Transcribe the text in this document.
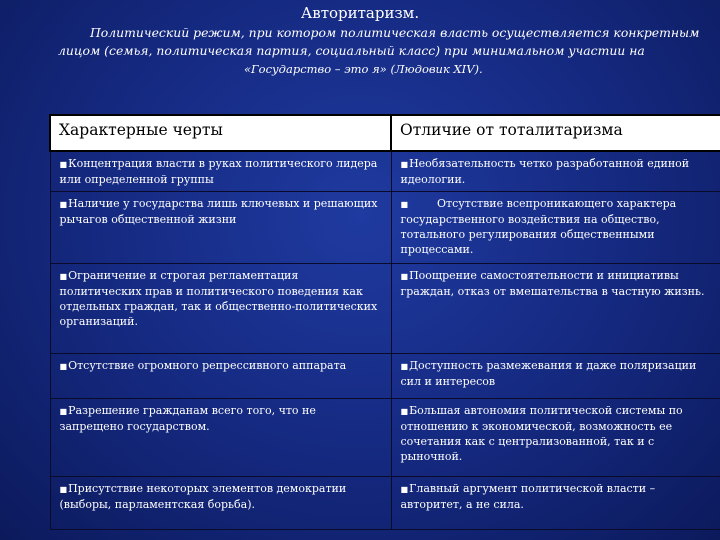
Авторитаризм.
Политический режим, при котором политическая власть осуществляется конкретным
лицом (семья, политическая партия, социальный класс) при минимальном участии на
«Государство – это я» (Людовик XIV).
Характерные черты	Отличие от тоталитаризма
■Концентрация власти в руках политического лидера или определенной группы	■Необязательность четко разработанной единой идеологии.
■Наличие у государства лишь ключевых и решающих рычагов общественной жизни	■        Отсутствие всепроникающего характера государственного воздействия на общество, тотального регулирования общественными процессами.
■Ограничение и строгая регламентация политических прав и политического поведения как отдельных граждан, так и общественно-политических организаций.	■Поощрение самостоятельности и инициативы граждан, отказ от вмешательства в частную жизнь.
■Отсутствие огромного репрессивного аппарата	■Доступность размежевания и даже поляризации сил и интересов
■Разрешение гражданам всего того, что не запрещено государством.	■Большая автономия политической системы по отношению к экономической, возможность ее сочетания как с централизованной, так и с рыночной.
■Присутствие некоторых элементов демократии (выборы, парламентская борьба).	■Главный аргумент политической власти – авторитет, а не сила.
